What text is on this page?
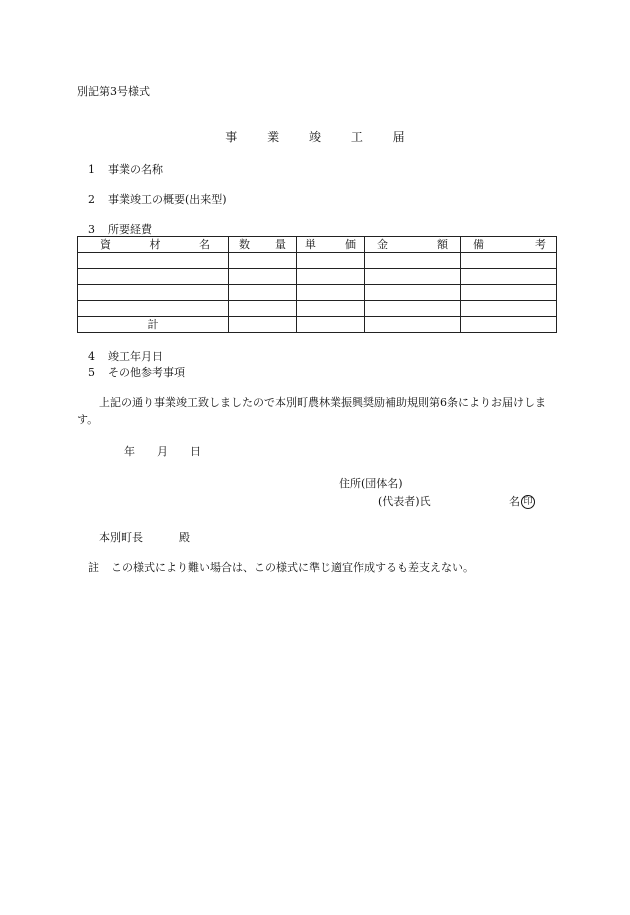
別記第3号様式
事 業 竣 工 届
1 事業の名称
2 事業竣工の概要(出来型)
3 所要経費
資材名	数量	単価	金額	備考

計				
4 竣工年月日
5 その他参考事項
上記の通り事業竣工致しましたので本別町農林業振興奨励補助規則第6条によりお届けします。
年 月 日
住所(団体名)
(代表者)氏	名 印
本別町長	殿
註 この様式により難い場合は、この様式に準じ適宜作成するも差支えない。
